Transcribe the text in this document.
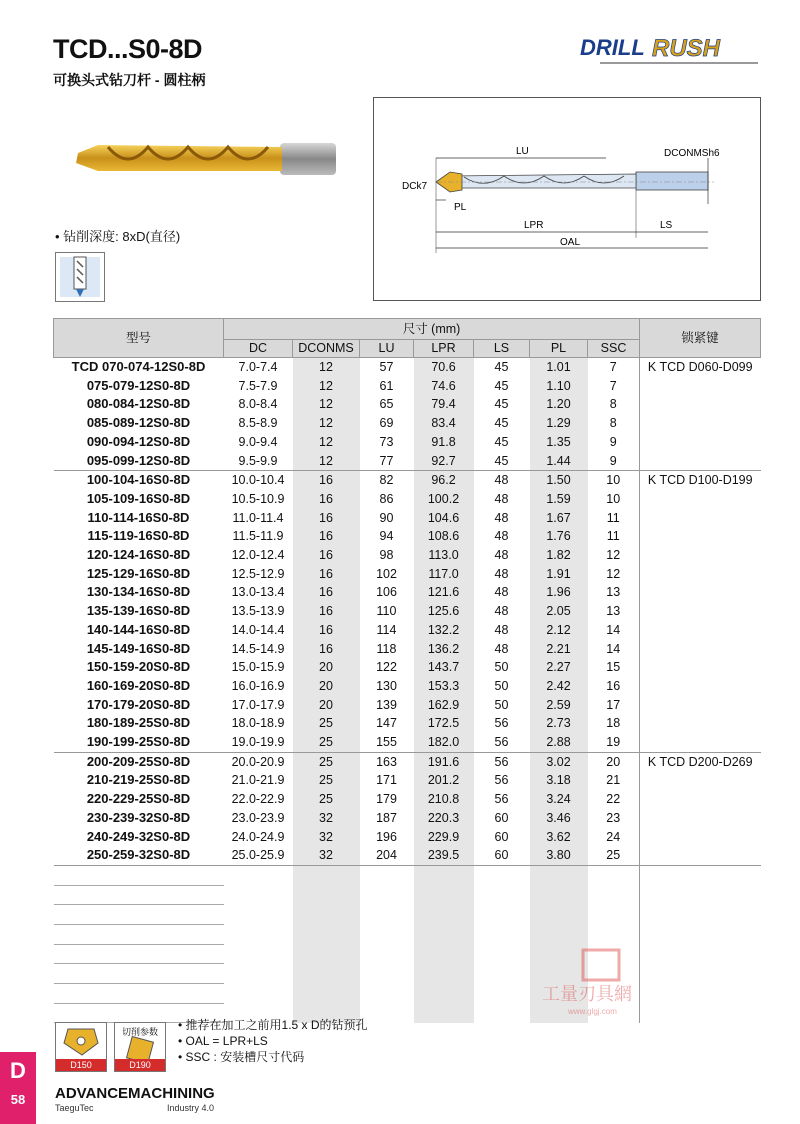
TCD...S0-8D
可换头式钻刀杆 - 圆柱柄
DRILL RUSH
• 钻削深度: 8xD(直径)
LU	DCONMSh6
DCk7
PL
LPR	LS
OAL
型号	尺寸 (mm)							锁紧键
	DC	DCONMS	LU	LPR	LS	PL	SSC	
TCD 070-074-12S0-8D	7.0-7.4	12	57	70.6	45	1.01	7	K TCD D060-D099
075-079-12S0-8D	7.5-7.9	12	61	74.6	45	1.10	7	
080-084-12S0-8D	8.0-8.4	12	65	79.4	45	1.20	8	
085-089-12S0-8D	8.5-8.9	12	69	83.4	45	1.29	8	
090-094-12S0-8D	9.0-9.4	12	73	91.8	45	1.35	9	
095-099-12S0-8D	9.5-9.9	12	77	92.7	45	1.44	9	
100-104-16S0-8D	10.0-10.4	16	82	96.2	48	1.50	10	K TCD D100-D199
105-109-16S0-8D	10.5-10.9	16	86	100.2	48	1.59	10	
110-114-16S0-8D	11.0-11.4	16	90	104.6	48	1.67	11	
115-119-16S0-8D	11.5-11.9	16	94	108.6	48	1.76	11	
120-124-16S0-8D	12.0-12.4	16	98	113.0	48	1.82	12	
125-129-16S0-8D	12.5-12.9	16	102	117.0	48	1.91	12	
130-134-16S0-8D	13.0-13.4	16	106	121.6	48	1.96	13	
135-139-16S0-8D	13.5-13.9	16	110	125.6	48	2.05	13	
140-144-16S0-8D	14.0-14.4	16	114	132.2	48	2.12	14	
145-149-16S0-8D	14.5-14.9	16	118	136.2	48	2.21	14	
150-159-20S0-8D	15.0-15.9	20	122	143.7	50	2.27	15	
160-169-20S0-8D	16.0-16.9	20	130	153.3	50	2.42	16	
170-179-20S0-8D	17.0-17.9	20	139	162.9	50	2.59	17	
180-189-25S0-8D	18.0-18.9	25	147	172.5	56	2.73	18	
190-199-25S0-8D	19.0-19.9	25	155	182.0	56	2.88	19	
200-209-25S0-8D	20.0-20.9	25	163	191.6	56	3.02	20	K TCD D200-D269
210-219-25S0-8D	21.0-21.9	25	171	201.2	56	3.18	21	
220-229-25S0-8D	22.0-22.9	25	179	210.8	56	3.24	22	
230-239-32S0-8D	23.0-23.9	32	187	220.3	60	3.46	23	
240-249-32S0-8D	24.0-24.9	32	196	229.9	60	3.62	24	
250-259-32S0-8D	25.0-25.9	32	204	239.5	60	3.80	25	

工量刃具網
www.glgj.com
D150
切削参数
D190
• 推荐在加工之前用1.5 x D的钻预孔
• OAL = LPR+LS
• SSC : 安装槽尺寸代码
D
58	ADVANCEMACHINING
TaeguTec	Industry 4.0
